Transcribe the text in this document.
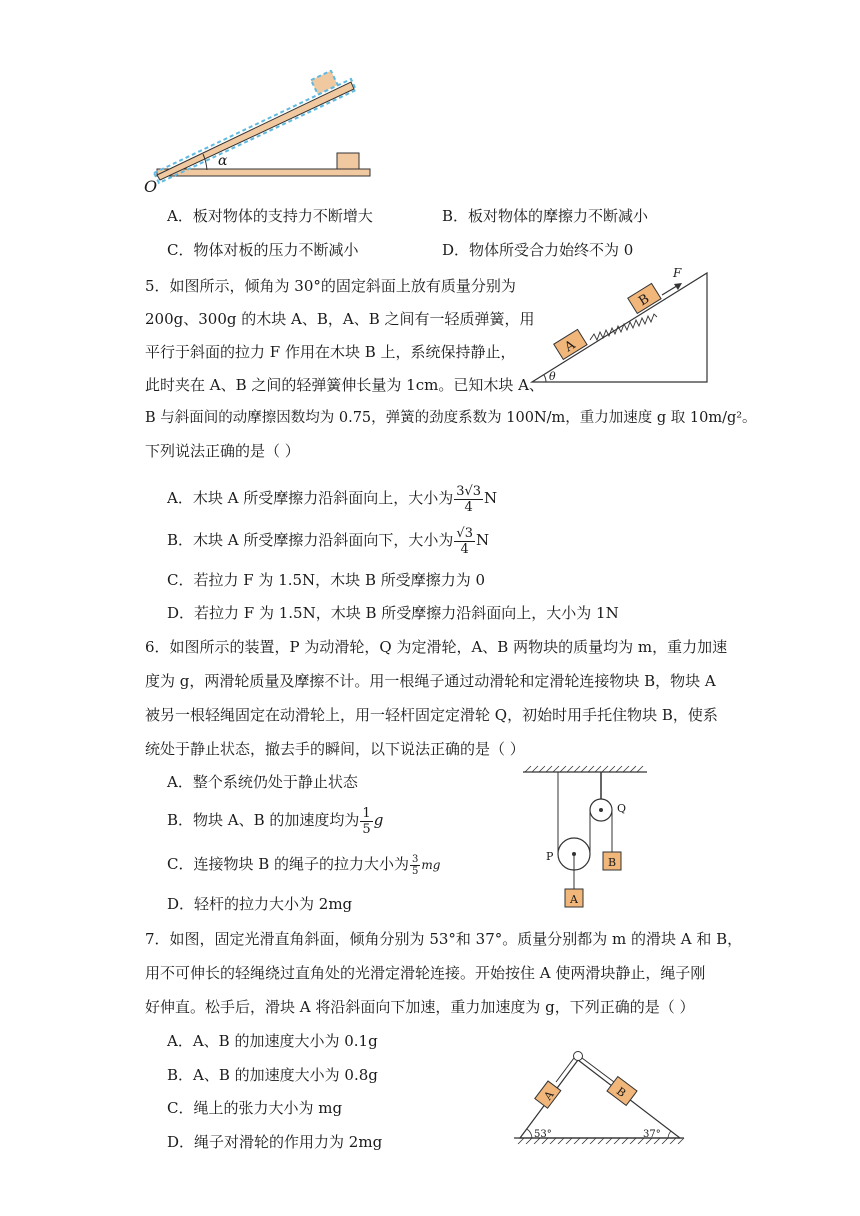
α
O
A．板对物体的支持力不断增大	B．板对物体的摩擦力不断减小
C．物体对板的压力不断减小	D．物体所受合力始终不为 0
5．如图所示，倾角为 30°的固定斜面上放有质量分别为
200g、300g 的木块 A、B，A、B 之间有一轻质弹簧，用
平行于斜面的拉力 F 作用在木块 B 上，系统保持静止，
此时夹在 A、B 之间的轻弹簧伸长量为 1cm。已知木块 A、
B 与斜面间的动摩擦因数均为 0.75，弹簧的劲度系数为 100N/m，重力加速度 g 取 10m/g²。
下列说法正确的是（ ）
A
B
F
θ
A．木块 A 所受摩擦力沿斜面向上，大小为 $\frac{3√3}{4}$ N
B．木块 A 所受摩擦力沿斜面向下，大小为 $\frac{√3}{4}$ N
C．若拉力 F 为 1.5N，木块 B 所受摩擦力为 0
D．若拉力 F 为 1.5N，木块 B 所受摩擦力沿斜面向上，大小为 1N
6．如图所示的装置，P 为动滑轮，Q 为定滑轮，A、B 两物块的质量均为 m，重力加速
度为 g，两滑轮质量及摩擦不计。用一根绳子通过动滑轮和定滑轮连接物块 B，物块 A
被另一根轻绳固定在动滑轮上，用一轻杆固定定滑轮 Q，初始时用手托住物块 B，使系
统处于静止状态，撤去手的瞬间，以下说法正确的是（ ）
A．整个系统仍处于静止状态
B．物块 A、B 的加速度均为 $\frac{1}{5}$ g
C．连接物块 B 的绳子的拉力大小为 $\frac{3}{5}$ mg
D．轻杆的拉力大小为 2mg
Q
P	B
A
7．如图，固定光滑直角斜面，倾角分别为 53°和 37°。质量分别都为 m 的滑块 A 和 B，
用不可伸长的轻绳绕过直角处的光滑定滑轮连接。开始按住 A 使两滑块静止，绳子刚
好伸直。松手后，滑块 A 将沿斜面向下加速，重力加速度为 g，下列正确的是（ ）
A．A、B 的加速度大小为 0.1g
B．A、B 的加速度大小为 0.8g
C．绳上的张力大小为 mg
D．绳子对滑轮的作用力为 2mg
A	B
53°	37°
